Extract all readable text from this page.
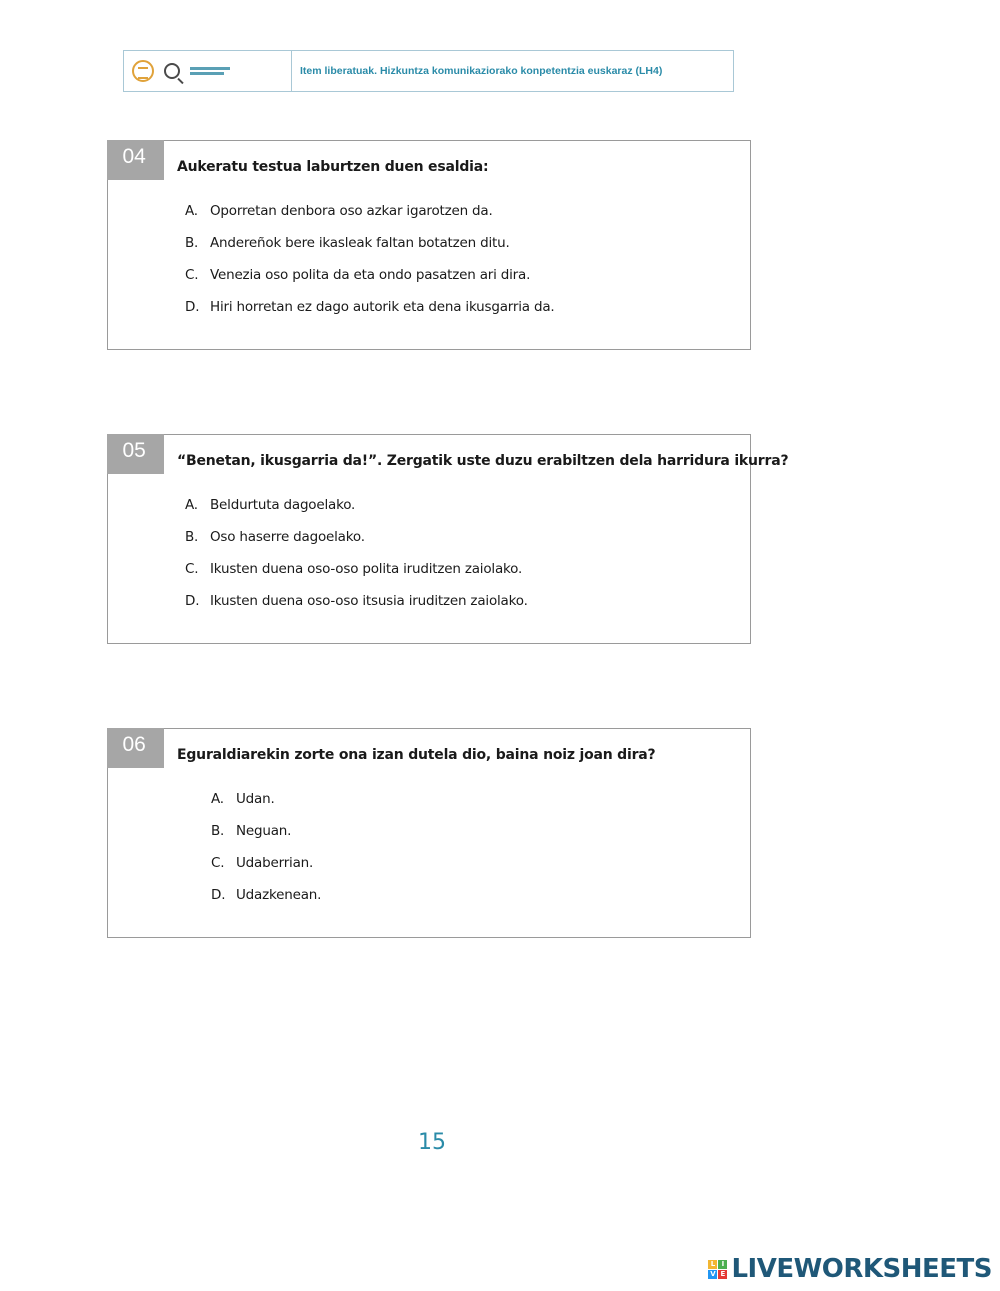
Item liberatuak. Hizkuntza komunikaziorako konpetentzia euskaraz (LH4)
04	Aukeratu testua laburtzen duen esaldia:
A. Oporretan denbora oso azkar igarotzen da.
B. Andereñok bere ikasleak faltan botatzen ditu.
C. Venezia oso polita da eta ondo pasatzen ari dira.
D. Hiri horretan ez dago autorik eta dena ikusgarria da.
05	“Benetan, ikusgarria da!”. Zergatik uste duzu erabiltzen dela harridura ikurra?
A. Beldurtuta dagoelako.
B. Oso haserre dagoelako.
C. Ikusten duena oso-oso polita iruditzen zaiolako.
D. Ikusten duena oso-oso itsusia iruditzen zaiolako.
06	Eguraldiarekin zorte ona izan dutela dio, baina noiz joan dira?
A. Udan.
B. Neguan.
C. Udaberrian.
D. Udazkenean.
15
L I
V E LIVEWORKSHEETS
